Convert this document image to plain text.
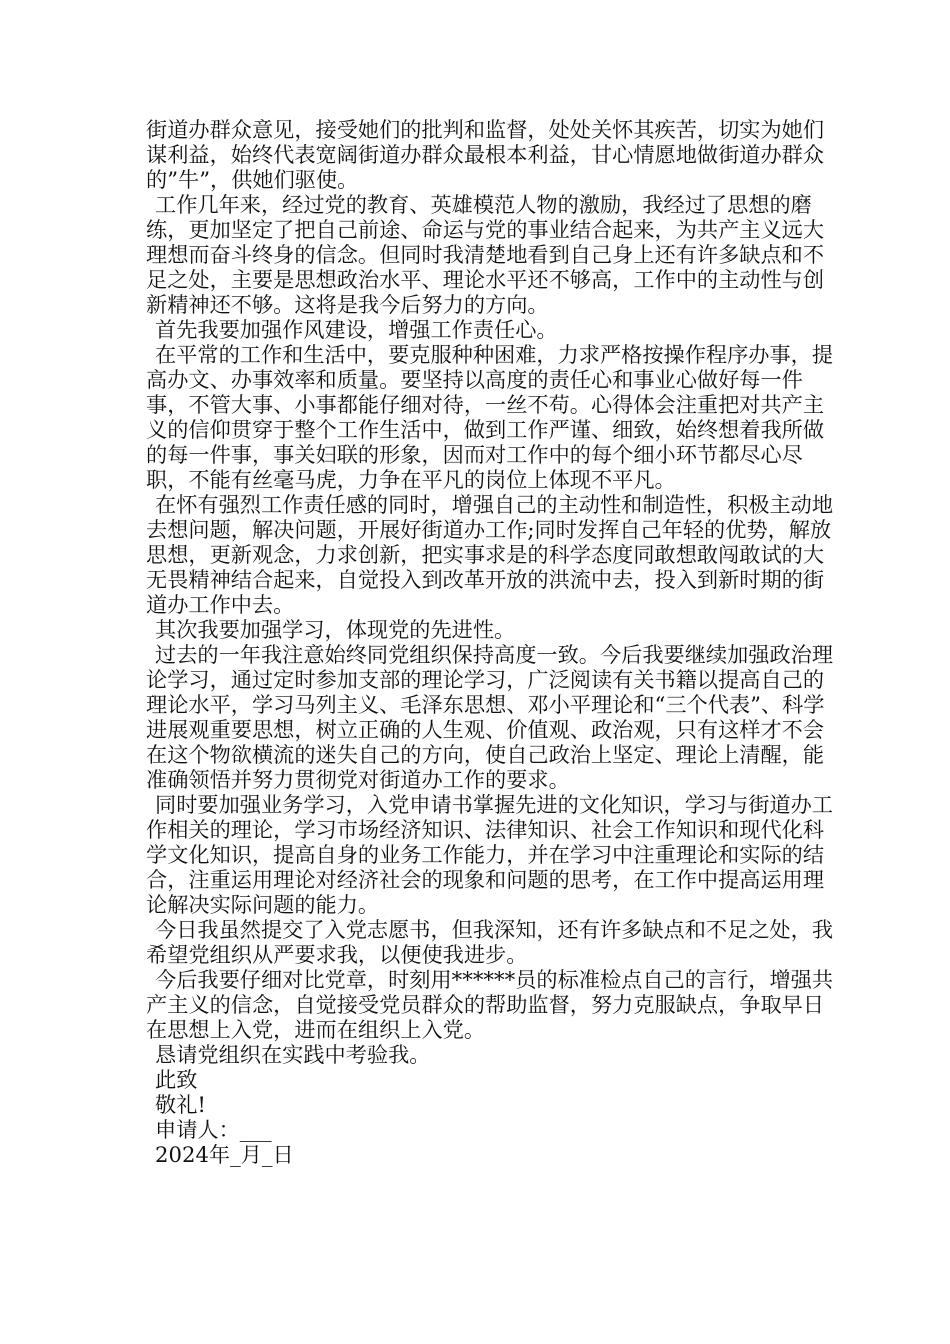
街道办群众意见，接受她们的批判和监督，处处关怀其疾苦，切实为她们谋利益，始终代表宽阔街道办群众最根本利益，甘心情愿地做街道办群众的”牛”，供她们驱使。

工作几年来，经过党的教育、英雄模范人物的激励，我经过了思想的磨练，更加坚定了把自己前途、命运与党的事业结合起来，为共产主义远大理想而奋斗终身的信念。但同时我清楚地看到自己身上还有许多缺点和不足之处，主要是思想政治水平、理论水平还不够高，工作中的主动性与创新精神还不够。这将是我今后努力的方向。

首先我要加强作风建设，增强工作责任心。

在平常的工作和生活中，要克服种种困难，力求严格按操作程序办事，提高办文、办事效率和质量。要坚持以高度的责任心和事业心做好每一件事，不管大事、小事都能仔细对待，一丝不苟。心得体会注重把对共产主义的信仰贯穿于整个工作生活中，做到工作严谨、细致，始终想着我所做的每一件事，事关妇联的形象，因而对工作中的每个细小环节都尽心尽职，不能有丝毫马虎，力争在平凡的岗位上体现不平凡。

在怀有强烈工作责任感的同时，增强自己的主动性和制造性，积极主动地去想问题，解决问题，开展好街道办工作;同时发挥自己年轻的优势，解放思想，更新观念，力求创新，把实事求是的科学态度同敢想敢闯敢试的大无畏精神结合起来，自觉投入到改革开放的洪流中去，投入到新时期的街道办工作中去。

其次我要加强学习，体现党的先进性。

过去的一年我注意始终同党组织保持高度一致。今后我要继续加强政治理论学习，通过定时参加支部的理论学习，广泛阅读有关书籍以提高自己的理论水平，学习马列主义、毛泽东思想、邓小平理论和“三个代表”、科学进展观重要思想，树立正确的人生观、价值观、政治观，只有这样才不会在这个物欲横流的迷失自己的方向，使自己政治上坚定、理论上清醒，能准确领悟并努力贯彻党对街道办工作的要求。

同时要加强业务学习，入党申请书掌握先进的文化知识，学习与街道办工作相关的理论，学习市场经济知识、法律知识、社会工作知识和现代化科学文化知识，提高自身的业务工作能力，并在学习中注重理论和实际的结合，注重运用理论对经济社会的现象和问题的思考，在工作中提高运用理论解决实际问题的能力。

今日我虽然提交了入党志愿书，但我深知，还有许多缺点和不足之处，我希望党组织从严要求我，以便使我进步。

今后我要仔细对比党章，时刻用******员的标准检点自己的言行，增强共产主义的信念，自觉接受党员群众的帮助监督，努力克服缺点，争取早日在思想上入党，进而在组织上入党。

恳请党组织在实践中考验我。

此致

敬礼!

申请人：___

2024年_月_日
